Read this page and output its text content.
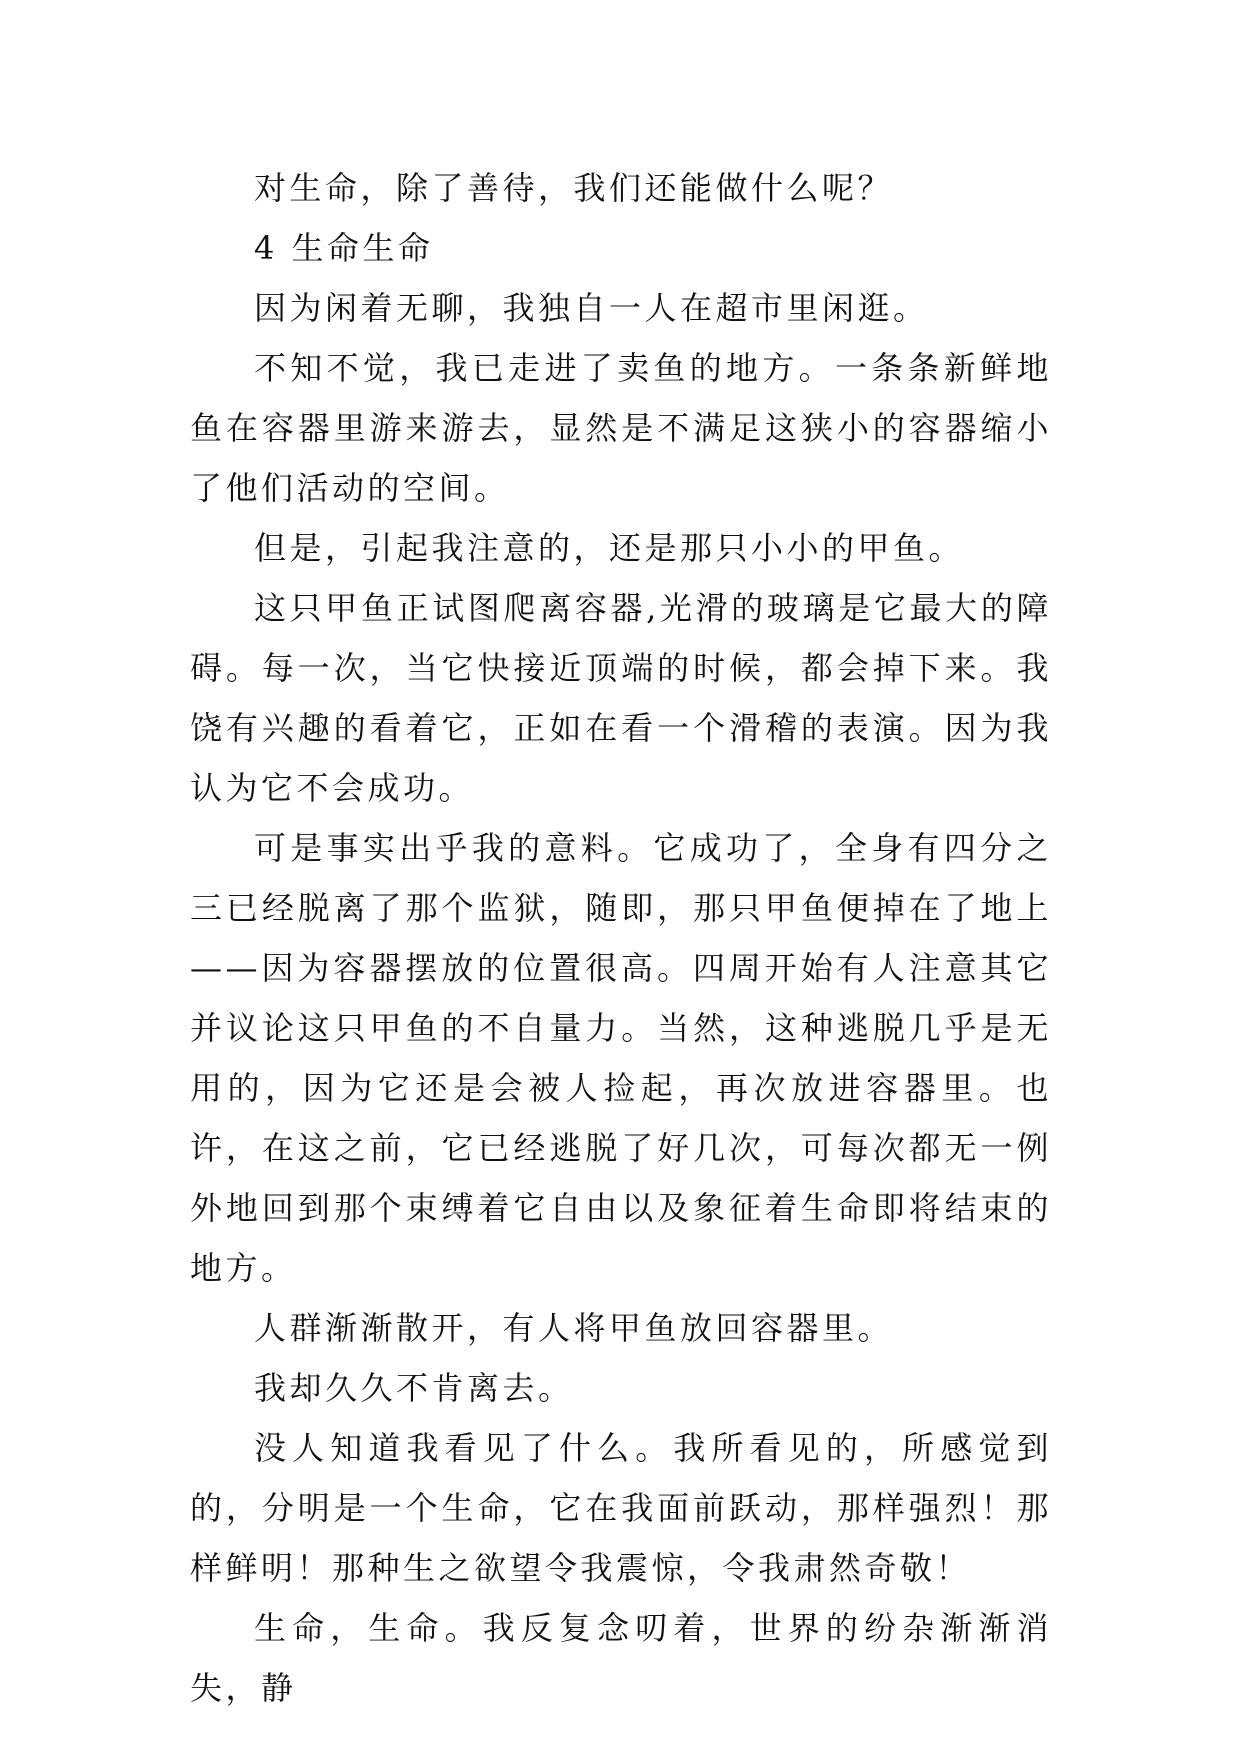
对生命，除了善待，我们还能做什么呢？

4 生命生命

因为闲着无聊，我独自一人在超市里闲逛。

不知不觉，我已走进了卖鱼的地方。一条条新鲜地鱼在容器里游来游去，显然是不满足这狭小的容器缩小了他们活动的空间。

但是，引起我注意的，还是那只小小的甲鱼。

这只甲鱼正试图爬离容器,光滑的玻璃是它最大的障碍。每一次，当它快接近顶端的时候，都会掉下来。我饶有兴趣的看着它，正如在看一个滑稽的表演。因为我认为它不会成功。

可是事实出乎我的意料。它成功了，全身有四分之三已经脱离了那个监狱，随即，那只甲鱼便掉在了地上——因为容器摆放的位置很高。四周开始有人注意其它并议论这只甲鱼的不自量力。当然，这种逃脱几乎是无用的，因为它还是会被人捡起，再次放进容器里。也许，在这之前，它已经逃脱了好几次，可每次都无一例外地回到那个束缚着它自由以及象征着生命即将结束的地方。

人群渐渐散开，有人将甲鱼放回容器里。

我却久久不肯离去。

没人知道我看见了什么。我所看见的，所感觉到的，分明是一个生命，它在我面前跃动，那样强烈！那样鲜明！那种生之欲望令我震惊，令我肃然奇敬！

生命，生命。我反复念叨着，世界的纷杂渐渐消失，静
